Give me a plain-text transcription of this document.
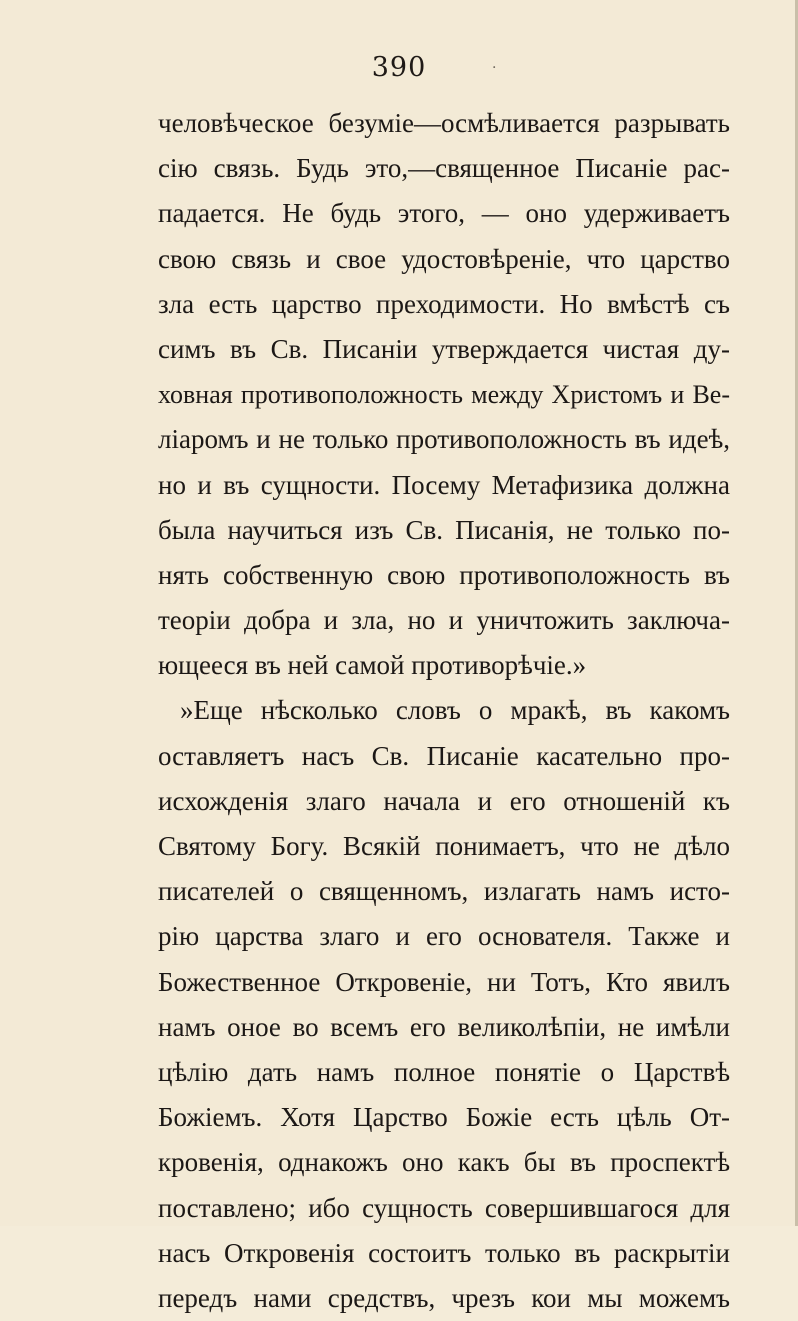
390	·
человѣческое безуміе—осмѣливается разрывать
сію связь. Будь это,—священное Писаніе рас-
падается. Не будь этого, — оно удерживаетъ
свою связь и свое удостовѣреніе, что царство
зла есть царство преходимости. Но вмѣстѣ съ
симъ въ Св. Писаніи утверждается чистая ду-
ховная противоположность между Христомъ и Ве-
ліаромъ и не только противоположность въ идеѣ,
но и въ сущности. Посему Метафизика должна
была научиться изъ Св. Писанія, не только по-
нять собственную свою противоположность въ
теоріи добра и зла, но и уничтожить заключа-
ющееся въ ней самой противорѣчіе.»
»Еще нѣсколько словъ о мракѣ, въ какомъ
оставляетъ насъ Св. Писаніе касательно про-
исхожденія злаго начала и его отношеній къ
Святому Богу. Всякій понимаетъ, что не дѣло
писателей о священномъ, излагать намъ исто-
рію царства злаго и его основателя. Также и
Божественное Откровеніе, ни Тотъ, Кто явилъ
намъ оное во всемъ его великолѣпіи, не имѣли
цѣлію дать намъ полное понятіе о Царствѣ
Божіемъ. Хотя Царство Божіе есть цѣль От-
кровенія, однакожъ оно какъ бы въ проспектѣ
поставлено; ибо сущность совершившагося для
насъ Откровенія состоитъ только въ раскрытіи
передъ нами средствъ, чрезъ кои мы можемъ
